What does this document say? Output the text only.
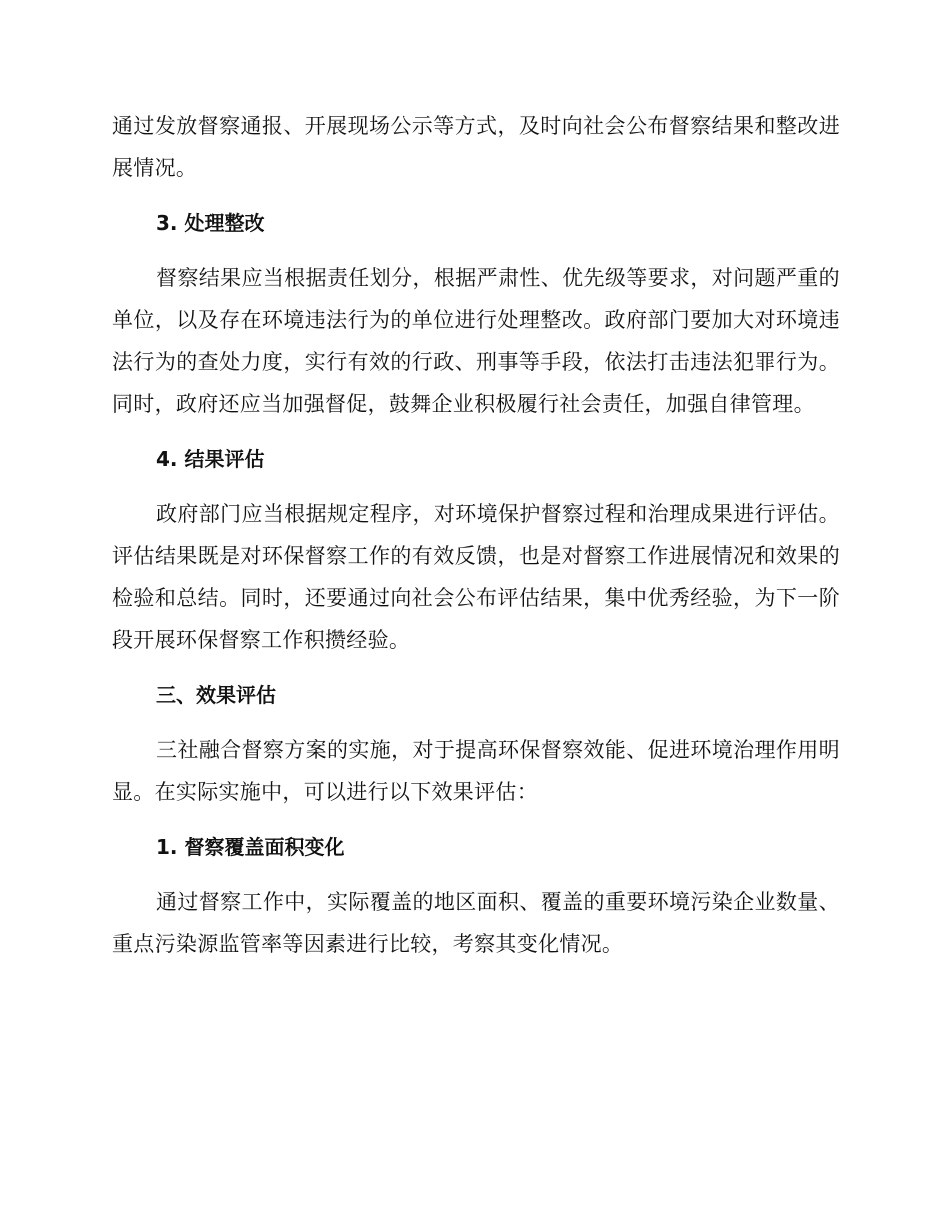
通过发放督察通报、开展现场公示等方式，及时向社会公布督察结果和整改进展情况。

3. 处理整改

督察结果应当根据责任划分，根据严肃性、优先级等要求，对问题严重的单位，以及存在环境违法行为的单位进行处理整改。政府部门要加大对环境违法行为的查处力度，实行有效的行政、刑事等手段，依法打击违法犯罪行为。同时，政府还应当加强督促，鼓舞企业积极履行社会责任，加强自律管理。

4. 结果评估

政府部门应当根据规定程序，对环境保护督察过程和治理成果进行评估。评估结果既是对环保督察工作的有效反馈，也是对督察工作进展情况和效果的检验和总结。同时，还要通过向社会公布评估结果，集中优秀经验，为下一阶段开展环保督察工作积攒经验。

三、效果评估

三社融合督察方案的实施，对于提高环保督察效能、促进环境治理作用明显。在实际实施中，可以进行以下效果评估：

1. 督察覆盖面积变化

通过督察工作中，实际覆盖的地区面积、覆盖的重要环境污染企业数量、重点污染源监管率等因素进行比较，考察其变化情况。
